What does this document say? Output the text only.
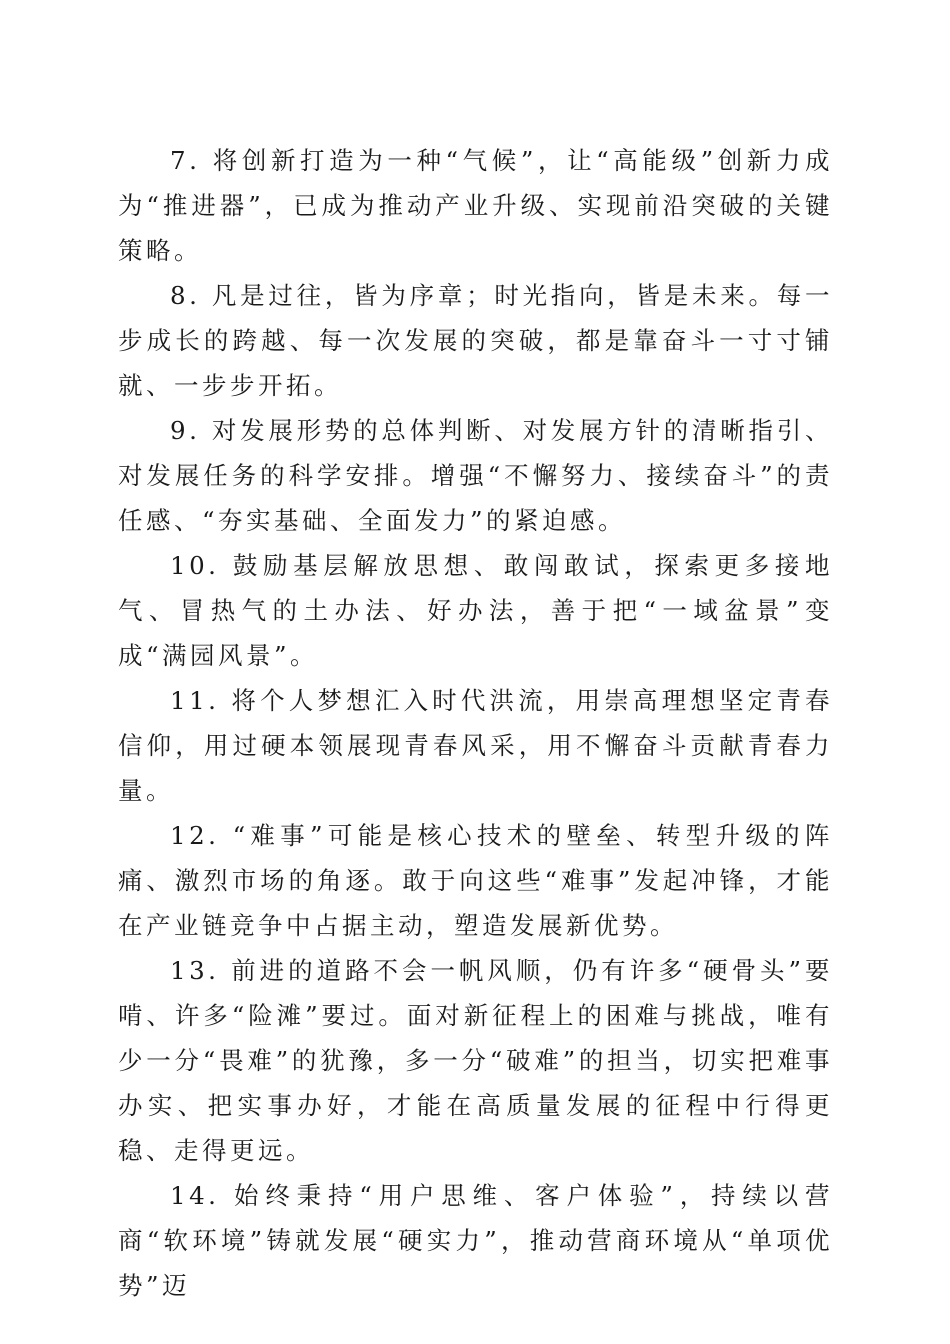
7. 将创新打造为一种“气候”，让“高能级”创新力成为“推进器”，已成为推动产业升级、实现前沿突破的关键策略。

8. 凡是过往，皆为序章；时光指向，皆是未来。每一步成长的跨越、每一次发展的突破，都是靠奋斗一寸寸铺就、一步步开拓。

9. 对发展形势的总体判断、对发展方针的清晰指引、对发展任务的科学安排。增强“不懈努力、接续奋斗”的责任感、“夯实基础、全面发力”的紧迫感。

10. 鼓励基层解放思想、敢闯敢试，探索更多接地气、冒热气的土办法、好办法，善于把“一域盆景”变成“满园风景”。

11. 将个人梦想汇入时代洪流，用崇高理想坚定青春信仰，用过硬本领展现青春风采，用不懈奋斗贡献青春力量。

12. “难事”可能是核心技术的壁垒、转型升级的阵痛、激烈市场的角逐。敢于向这些“难事”发起冲锋，才能在产业链竞争中占据主动，塑造发展新优势。

13. 前进的道路不会一帆风顺，仍有许多“硬骨头”要啃、许多“险滩”要过。面对新征程上的困难与挑战，唯有少一分“畏难”的犹豫，多一分“破难”的担当，切实把难事办实、把实事办好，才能在高质量发展的征程中行得更稳、走得更远。

14. 始终秉持“用户思维、客户体验”，持续以营商“软环境”铸就发展“硬实力”，推动营商环境从“单项优势”迈
